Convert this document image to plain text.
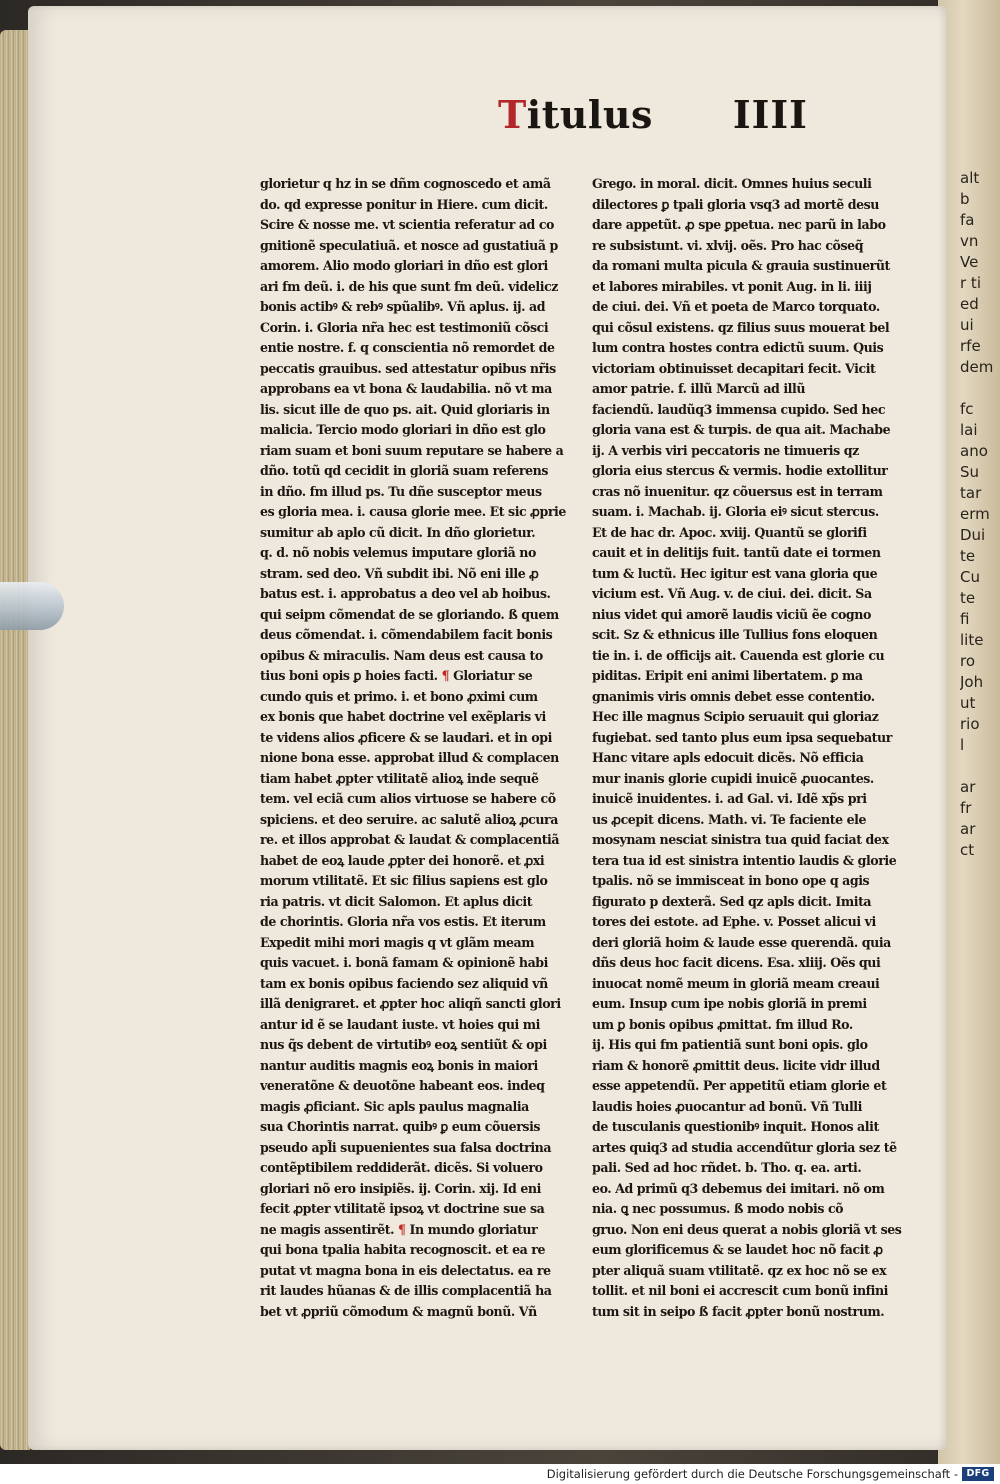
alt
b
fa
vn
Ve
r ti
ed
ui
rfe
dem
fc
lai
ano
Su
tar
erm
Dui
te
Cu
te
fi
lite
ro
Joh
ut
rio
l
ar
fr
ar
ct
Titulus IIII
glorietur q hz in se dñm cognoscedo et amã
do. qd expresse ponitur in Hiere. cum dicit.
Scire & nosse me. vt scientia referatur ad co
gnitionẽ speculatiuã. et nosce ad gustatiuã p
amorem. Alio modo gloriari in dño est glori
ari fm deũ. i. de his que sunt fm deũ. videlicz
bonis actibꝰ & rebꝰ spũalibꝰ. Vñ aplus. ij. ad
Corin. i. Gloria nr̃a hec est testimoniũ cõsci
entie nostre. f. q conscientia nõ remordet de
peccatis grauibus. sed attestatur opibus nr̃is
approbans ea vt bona & laudabilia. nõ vt ma
lis. sicut ille de quo ps. ait. Quid gloriaris in
malicia. Tercio modo gloriari in dño est glo
riam suam et boni suum reputare se habere a
dño. totũ qd cecidit in gloriã suam referens
in dño. fm illud ps. Tu dñe susceptor meus
es gloria mea. i. causa glorie mee. Et sic ꝓprie
sumitur ab aplo cũ dicit. In dño glorietur.
q. d. nõ nobis velemus imputare gloriã no
stram. sed deo. Vñ subdit ibi. Nõ eni ille ꝓ
batus est. i. approbatus a deo vel ab hoibus.
qui seipm cõmendat de se gloriando. ß quem
deus cõmendat. i. cõmendabilem facit bonis
opibus & miraculis. Nam deus est causa to
tius boni opis ꝑ hoies facti. ¶ Gloriatur se
cundo quis et primo. i. et bono ꝓximi cum
ex bonis que habet doctrine vel exẽplaris vi
te videns alios ꝓficere & se laudari. et in opi
nione bona esse. approbat illud & complacen
tiam habet ꝓpter vtilitatẽ alioꝝ inde sequẽ
tem. vel eciã cum alios virtuose se habere cõ
spiciens. et deo seruire. ac salutẽ alioꝝ ꝓcura
re. et illos approbat & laudat & complacentiã
habet de eoꝝ laude ꝓpter dei honorẽ. et ꝓxi
morum vtilitatẽ. Et sic filius sapiens est glo
ria patris. vt dicit Salomon. Et aplus dicit
de chorintis. Gloria nr̃a vos estis. Et iterum
Expedit mihi mori magis q vt glãm meam
quis vacuet. i. bonã famam & opinionẽ habi
tam ex bonis opibus faciendo sez aliquid vñ
illã denigraret. et ꝓpter hoc aliqñ sancti glori
antur id ẽ se laudant iuste. vt hoies qui mi
nus q̃s debent de virtutibꝰ eoꝝ sentiũt & opi
nantur auditis magnis eoꝝ bonis in maiori
veneratõne & deuotõne habeant eos. indeq
magis ꝓficiant. Sic apls paulus magnalia
sua Chorintis narrat. quibꝰ ꝑ eum cõuersis
pseudo apl̃i supuenientes sua falsa doctrina
contẽptibilem reddiderãt. dicẽs. Si voluero
gloriari nõ ero insipiẽs. ij. Corin. xij. Id eni
fecit ꝓpter vtilitatẽ ipsoꝝ vt doctrine sue sa
ne magis assentirẽt. ¶ In mundo gloriatur
qui bona tpalia habita recognoscit. et ea re
putat vt magna bona in eis delectatus. ea re
rit laudes hũanas & de illis complacentiã ha
bet vt ꝓpriũ cõmodum & magnũ bonũ. Vñ
Grego. in moral. dicit. Omnes huius seculi
dilectores ꝑ tpali gloria vsq3 ad mortẽ desu
dare appetũt. ꝓ spe ꝑpetua. nec parũ in labo
re subsistunt. vi. xlvij. oẽs. Pro hac cõseq̃
da romani multa picula & grauia sustinuerũt
et labores mirabiles. vt ponit Aug. in li. iiij
de ciui. dei. Vñ et poeta de Marco torquato.
qui cõsul existens. qz filius suus mouerat bel
lum contra hostes contra edictũ suum. Quis
victoriam obtinuisset decapitari fecit. Vicit
amor patrie. f. illũ Marcũ ad illũ
faciendũ. laudũq3 immensa cupido. Sed hec
gloria vana est & turpis. de qua ait. Machabe
ij. A verbis viri peccatoris ne timueris qz
gloria eius stercus & vermis. hodie extollitur
cras nõ inuenitur. qz cõuersus est in terram
suam. i. Machab. ij. Gloria eiꝰ sicut stercus.
Et de hac dr. Apoc. xviij. Quantũ se glorifi
cauit et in delitijs fuit. tantũ date ei tormen
tum & luctũ. Hec igitur est vana gloria que
vicium est. Vñ Aug. v. de ciui. dei. dicit. Sa
nius videt qui amorẽ laudis viciũ ẽe cogno
scit. Sz & ethnicus ille Tullius fons eloquen
tie in. i. de officijs ait. Cauenda est glorie cu
piditas. Eripit eni animi libertatem. ꝑ ma
gnanimis viris omnis debet esse contentio.
Hec ille magnus Scipio seruauit qui gloriaz
fugiebat. sed tanto plus eum ipsa sequebatur
Hanc vitare apls edocuit dicẽs. Nõ efficia
mur inanis glorie cupidi inuicẽ ꝓuocantes.
inuicẽ inuidentes. i. ad Gal. vi. Idẽ xp̃s pri
us ꝓcepit dicens. Math. vi. Te faciente ele
mosynam nesciat sinistra tua quid faciat dex
tera tua id est sinistra intentio laudis & glorie
tpalis. nõ se immisceat in bono ope q agis
figurato p dexterã. Sed qz apls dicit. Imita
tores dei estote. ad Ephe. v. Posset alicui vi
deri gloriã hoim & laude esse querendã. quia
dñs deus hoc facit dicens. Esa. xliij. Oẽs qui
inuocat nomẽ meum in gloriã meam creaui
eum. Insup cum ipe nobis gloriã in premi
um ꝑ bonis opibus ꝓmittat. fm illud Ro.
ij. His qui fm patientiã sunt boni opis. glo
riam & honorẽ ꝓmittit deus. licite vidr illud
esse appetendũ. Per appetitũ etiam glorie et
laudis hoies ꝓuocantur ad bonũ. Vñ Tulli
de tusculanis questionibꝰ inquit. Honos alit
artes quiq3 ad studia accendũtur gloria sez tẽ
pali. Sed ad hoc rñdet. b. Tho. q. ea. arti.
eo. Ad primũ q3 debemus dei imitari. nõ om
nia. ꝗ nec possumus. ß modo nobis cõ
gruo. Non eni deus querat a nobis gloriã vt ses
eum glorificemus & se laudet hoc nõ facit ꝓ
pter aliquã suam vtilitatẽ. qz ex hoc nõ se ex
tollit. et nil boni ei accrescit cum bonũ infini
tum sit in seipo ß facit ꝓpter bonũ nostrum.
Digitalisierung gefördert durch die Deutsche Forschungsgemeinschaft - DFG
